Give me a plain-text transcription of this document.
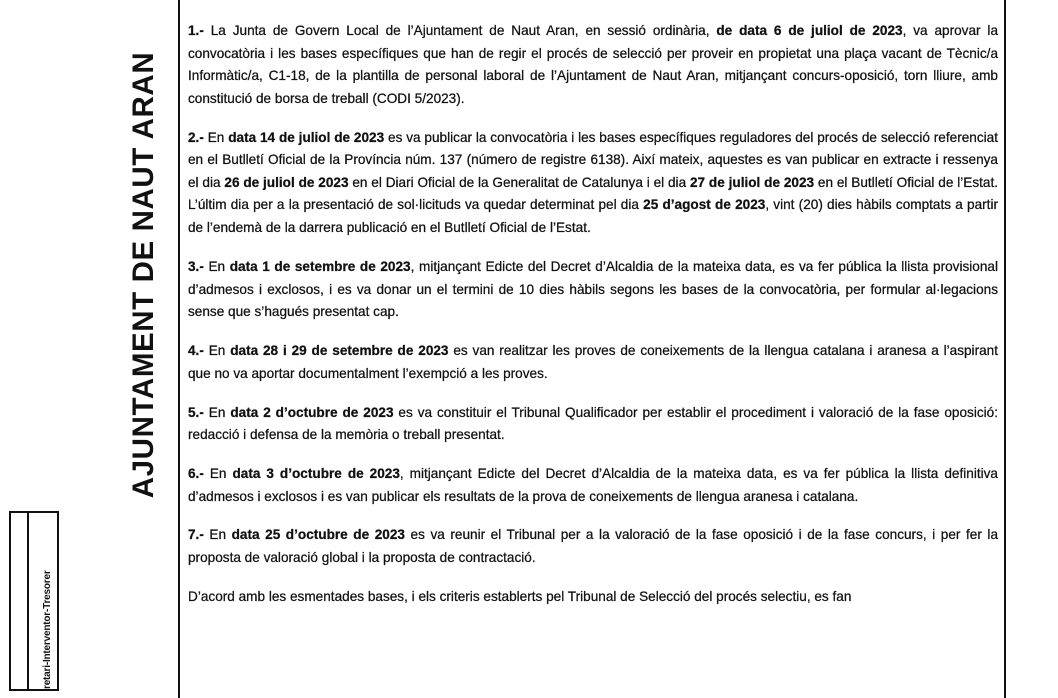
AJUNTAMENT DE NAUT ARAN
retari-Interventor-Tresorer

1.- La Junta de Govern Local de l’Ajuntament de Naut Aran, en sessió ordinària, de data 6 de juliol de 2023, va aprovar la convocatòria i les bases específiques que han de regir el procés de selecció per proveir en propietat una plaça vacant de Tècnic/a Informàtic/a, C1-18, de la plantilla de personal laboral de l’Ajuntament de Naut Aran, mitjançant concurs-oposició, torn lliure, amb constitució de borsa de treball (CODI 5/2023).

2.- En data 14 de juliol de 2023 es va publicar la convocatòria i les bases específiques reguladores del procés de selecció referenciat en el Butlletí Oficial de la Província núm. 137 (número de registre 6138). Així mateix, aquestes es van publicar en extracte i ressenya el dia 26 de juliol de 2023 en el Diari Oficial de la Generalitat de Catalunya i el dia 27 de juliol de 2023 en el Butlletí Oficial de l’Estat. L’últim dia per a la presentació de sol·licituds va quedar determinat pel dia 25 d’agost de 2023, vint (20) dies hàbils comptats a partir de l’endemà de la darrera publicació en el Butlletí Oficial de l’Estat.

3.- En data 1 de setembre de 2023, mitjançant Edicte del Decret d’Alcaldia de la mateixa data, es va fer pública la llista provisional d’admesos i exclosos, i es va donar un el termini de 10 dies hàbils segons les bases de la convocatòria, per formular al·legacions sense que s’hagués presentat cap.

4.- En data 28 i 29 de setembre de 2023 es van realitzar les proves de coneixements de la llengua catalana i aranesa a l’aspirant que no va aportar documentalment l’exempció a les proves.

5.- En data 2 d’octubre de 2023 es va constituir el Tribunal Qualificador per establir el procediment i valoració de la fase oposició: redacció i defensa de la memòria o treball presentat.

6.- En data 3 d’octubre de 2023, mitjançant Edicte del Decret d’Alcaldia de la mateixa data, es va fer pública la llista definitiva d’admesos i exclosos i es van publicar els resultats de la prova de coneixements de llengua aranesa i catalana.

7.- En data 25 d’octubre de 2023 es va reunir el Tribunal per a la valoració de la fase oposició i de la fase concurs, i per fer la proposta de valoració global i la proposta de contractació.

D’acord amb les esmentades bases, i els criteris establerts pel Tribunal de Selecció del procés selectiu, es fan
